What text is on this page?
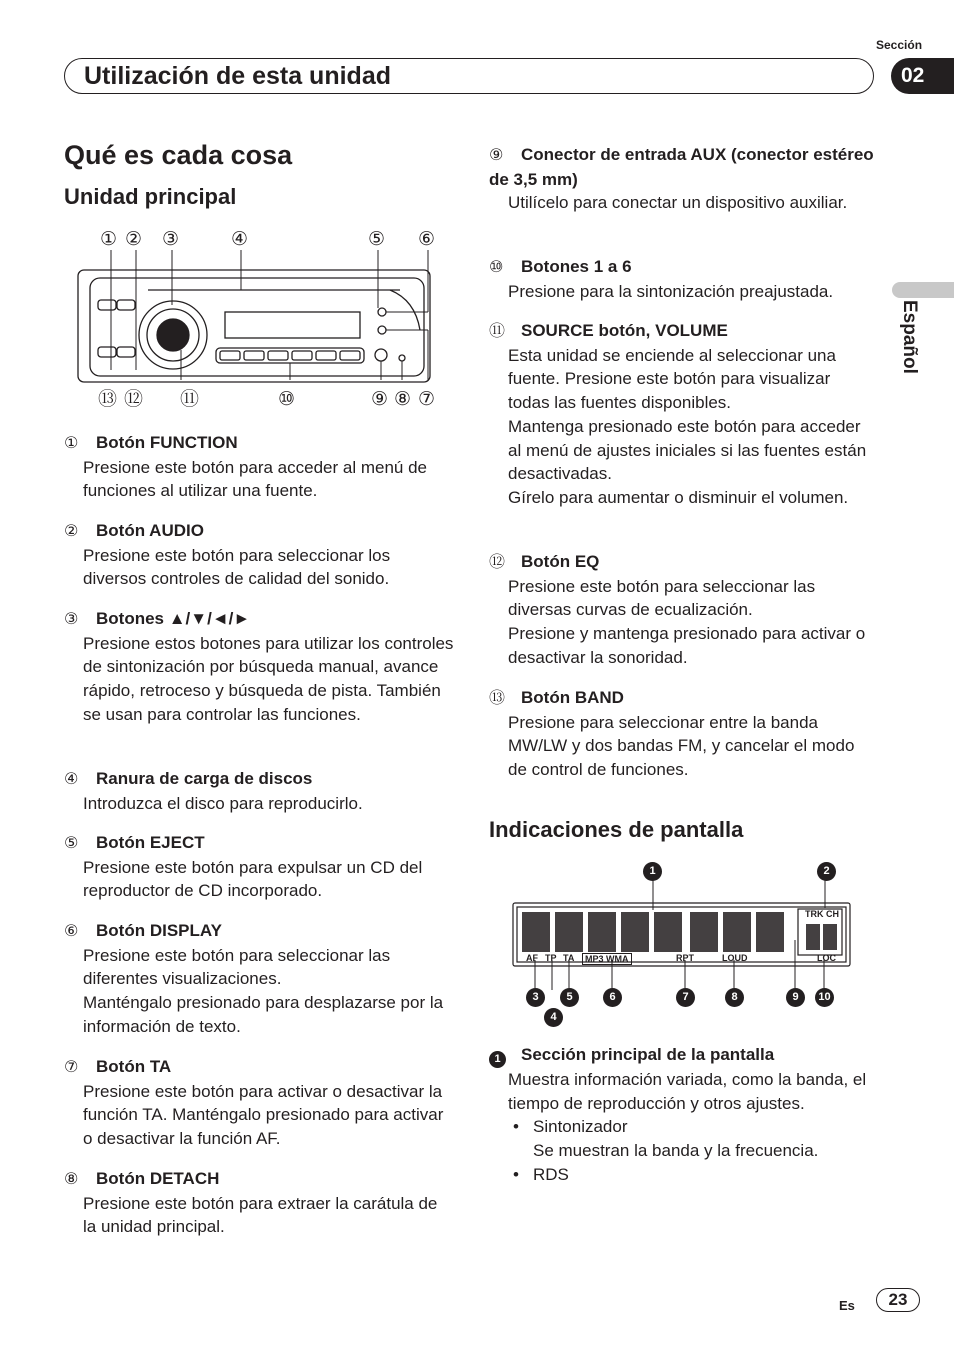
Sección
Utilización de esta unidad	02
Español
Qué es cada cosa
Unidad principal
① ② ③	④	⑤ ⑥
⑬ ⑫ ⑪	⑩	⑨ ⑧ ⑦
① Botón FUNCTION
Presione este botón para acceder al menú de funciones al utilizar una fuente.
② Botón AUDIO
Presione este botón para seleccionar los diversos controles de calidad del sonido.
③ Botones ▲/▼/◄/►
Presione estos botones para utilizar los controles de sintonización por búsqueda manual, avance rápido, retroceso y búsqueda de pista. También se usan para controlar las funciones.
④ Ranura de carga de discos
Introduzca el disco para reproducirlo.
⑤ Botón EJECT
Presione este botón para expulsar un CD del reproductor de CD incorporado.
⑥ Botón DISPLAY
Presione este botón para seleccionar las diferentes visualizaciones.
Manténgalo presionado para desplazarse por la información de texto.
⑦ Botón TA
Presione este botón para activar o desactivar la función TA. Manténgalo presionado para activar o desactivar la función AF.
⑧ Botón DETACH
Presione este botón para extraer la carátula de la unidad principal.
⑨ Conector de entrada AUX (conector estéreo de 3,5 mm)
Utilícelo para conectar un dispositivo auxiliar.
⑩ Botones 1 a 6
Presione para la sintonización preajustada.
⑪ SOURCE botón, VOLUME
Esta unidad se enciende al seleccionar una fuente. Presione este botón para visualizar todas las fuentes disponibles.
Mantenga presionado este botón para acceder al menú de ajustes iniciales si las fuentes están desactivadas.
Gírelo para aumentar o disminuir el volumen.
⑫ Botón EQ
Presione este botón para seleccionar las diversas curvas de ecualización.
Presione y mantenga presionado para activar o desactivar la sonoridad.
⑬ Botón BAND
Presione para seleccionar entre la banda MW/LW y dos bandas FM, y cancelar el modo de control de funciones.
Indicaciones de pantalla
1	2
3
4
5	6	7	8	9	10
AF TP TA	MP3 WMA	RPT	LOUD	LOC
TRK CH
1 Sección principal de la pantalla
Muestra información variada, como la banda, el tiempo de reproducción y otros ajustes.
• Sintonizador
Se muestran la banda y la frecuencia.
• RDS
Es	23
